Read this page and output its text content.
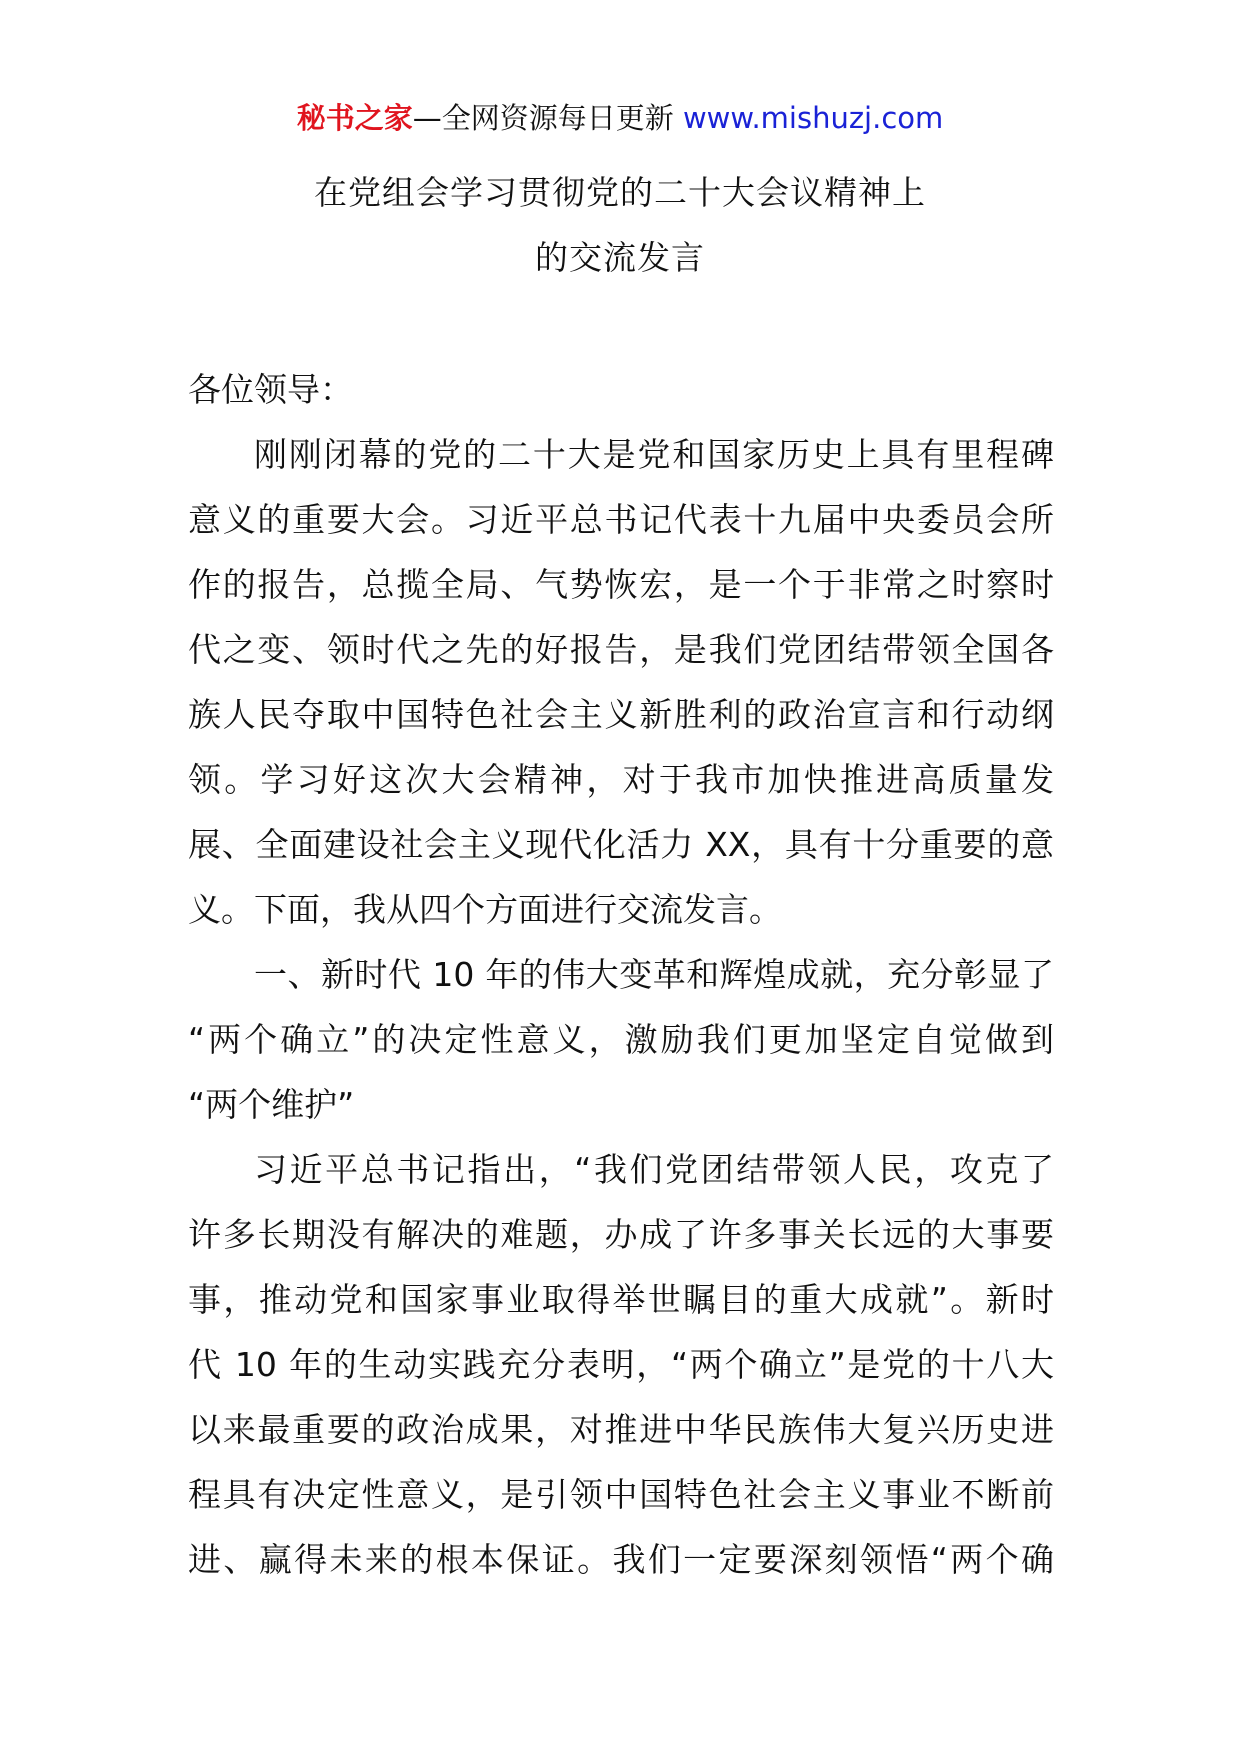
秘书之家—全网资源每日更新 www.mishuzj.com
在党组会学习贯彻党的二十大会议精神上
的交流发言
各位领导：
刚刚闭幕的党的二十大是党和国家历史上具有里程碑
意义的重要大会。习近平总书记代表十九届中央委员会所
作的报告，总揽全局、气势恢宏，是一个于非常之时察时
代之变、领时代之先的好报告，是我们党团结带领全国各
族人民夺取中国特色社会主义新胜利的政治宣言和行动纲
领。学习好这次大会精神，对于我市加快推进高质量发
展、全面建设社会主义现代化活力 XX，具有十分重要的意
义。下面，我从四个方面进行交流发言。
一、新时代 10 年的伟大变革和辉煌成就，充分彰显了
“两个确立”的决定性意义，激励我们更加坚定自觉做到
“两个维护”
习近平总书记指出，“我们党团结带领人民，攻克了
许多长期没有解决的难题，办成了许多事关长远的大事要
事，推动党和国家事业取得举世瞩目的重大成就”。新时
代 10 年的生动实践充分表明，“两个确立”是党的十八大
以来最重要的政治成果，对推进中华民族伟大复兴历史进
程具有决定性意义，是引领中国特色社会主义事业不断前
进、赢得未来的根本保证。我们一定要深刻领悟“两个确
